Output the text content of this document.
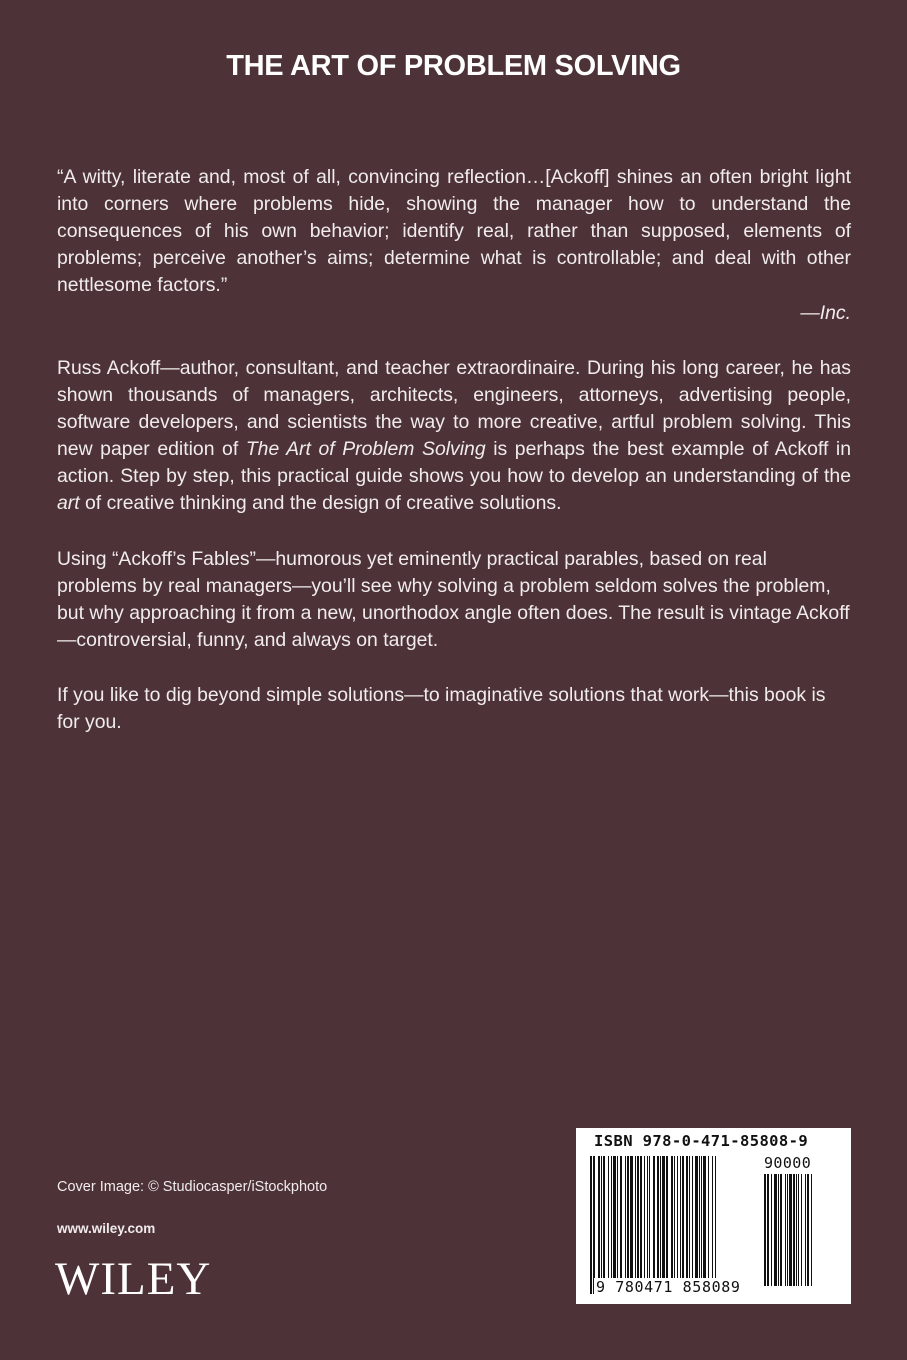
THE ART OF PROBLEM SOLVING
“A witty, literate and, most of all, convincing reflection…[Ackoff] shines an often bright light into corners where problems hide, showing the manager how to understand the consequences of his own behavior; identify real, rather than supposed, elements of problems; perceive another’s aims; determine what is controllable; and deal with other nettlesome factors.”
—Inc.
Russ Ackoff—author, consultant, and teacher extraordinaire. During his long career, he has shown thousands of managers, architects, engineers, attorneys, advertising people, software developers, and scientists the way to more creative, artful problem solving. This new paper edition of The Art of Problem Solving is perhaps the best example of Ackoff in action. Step by step, this practical guide shows you how to develop an understanding of the art of creative thinking and the design of creative solutions.
Using “Ackoff’s Fables”—humorous yet eminently practical parables, based on real problems by real managers—you’ll see why solving a problem seldom solves the problem, but why approaching it from a new, unorthodox angle often does. The result is vintage Ackoff—controversial, funny, and always on target.
If you like to dig beyond simple solutions—to imaginative solutions that work—this book is for you.
Cover Image: © Studiocasper/iStockphoto
www.wiley.com
WILEY
ISBN 978-0-471-85808-9
90000
9 780471 858089
